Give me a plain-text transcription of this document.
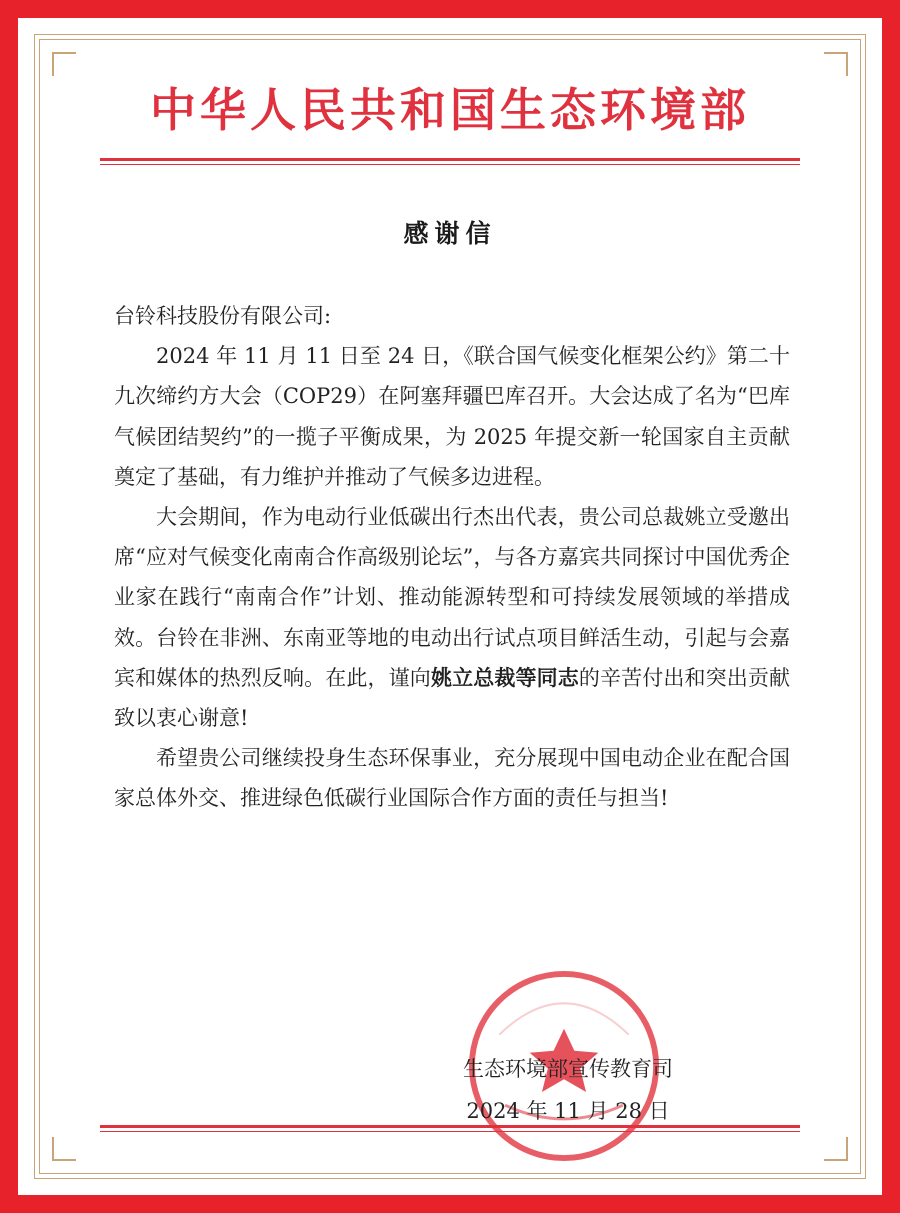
中华人民共和国生态环境部
感谢信

台铃科技股份有限公司:

2024 年 11 月 11 日至 24 日，《联合国气候变化框架公约》第二十九次缔约方大会（COP29）在阿塞拜疆巴库召开。大会达成了名为“巴库气候团结契约”的一揽子平衡成果，为 2025 年提交新一轮国家自主贡献奠定了基础，有力维护并推动了气候多边进程。

大会期间，作为电动行业低碳出行杰出代表，贵公司总裁姚立受邀出席“应对气候变化南南合作高级别论坛”，与各方嘉宾共同探讨中国优秀企业家在践行“南南合作”计划、推动能源转型和可持续发展领域的举措成效。台铃在非洲、东南亚等地的电动出行试点项目鲜活生动，引起与会嘉宾和媒体的热烈反响。在此，谨向姚立总裁等同志的辛苦付出和突出贡献致以衷心谢意!

希望贵公司继续投身生态环保事业，充分展现中国电动企业在配合国家总体外交、推进绿色低碳行业国际合作方面的责任与担当!

生态环境部宣传教育司
2024 年 11 月 28 日
